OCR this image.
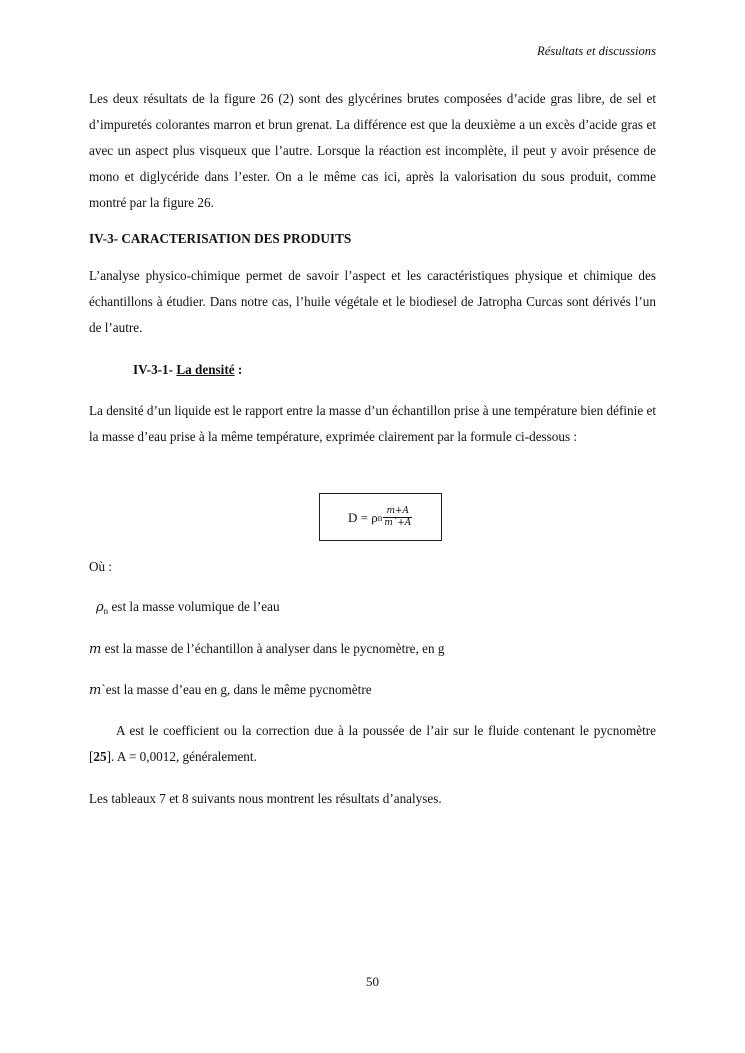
Résultats et discussions

Les deux résultats de la figure 26 (2) sont des glycérines brutes composées d’acide gras libre, de sel et d’impuretés colorantes marron et brun grenat. La différence est que la deuxième a un excès d’acide gras et avec un aspect plus visqueux que l’autre. Lorsque la réaction est incomplète, il peut y avoir présence de mono et diglycéride dans l’ester. On a le même cas ici, après la valorisation du sous produit, comme montré par la figure 26.

IV-3- CARACTERISATION DES PRODUITS

L’analyse physico-chimique permet de savoir l’aspect et les caractéristiques physique et chimique des échantillons à étudier. Dans notre cas, l’huile végétale et le biodiesel de Jatropha Curcas sont dérivés l’un de l’autre.

IV-3-1- La densité :

La densité d’un liquide est le rapport entre la masse d’un échantillon prise à une température bien définie et la masse d’eau prise à la même température, exprimée clairement par la formule ci-dessous :

D = ρ n $\frac{m+A}{m`+A}$
Où :
$\rho_n$ est la masse volumique de l’eau
m est la masse de l’échantillon à analyser dans le pycnomètre, en g
m`est la masse d’eau en g, dans le même pycnomètre

A est le coefficient ou la correction due à la poussée de l’air sur le fluide contenant le pycnomètre [25]. A = 0,0012, généralement.

Les tableaux 7 et 8 suivants nous montrent les résultats d’analyses.
50
